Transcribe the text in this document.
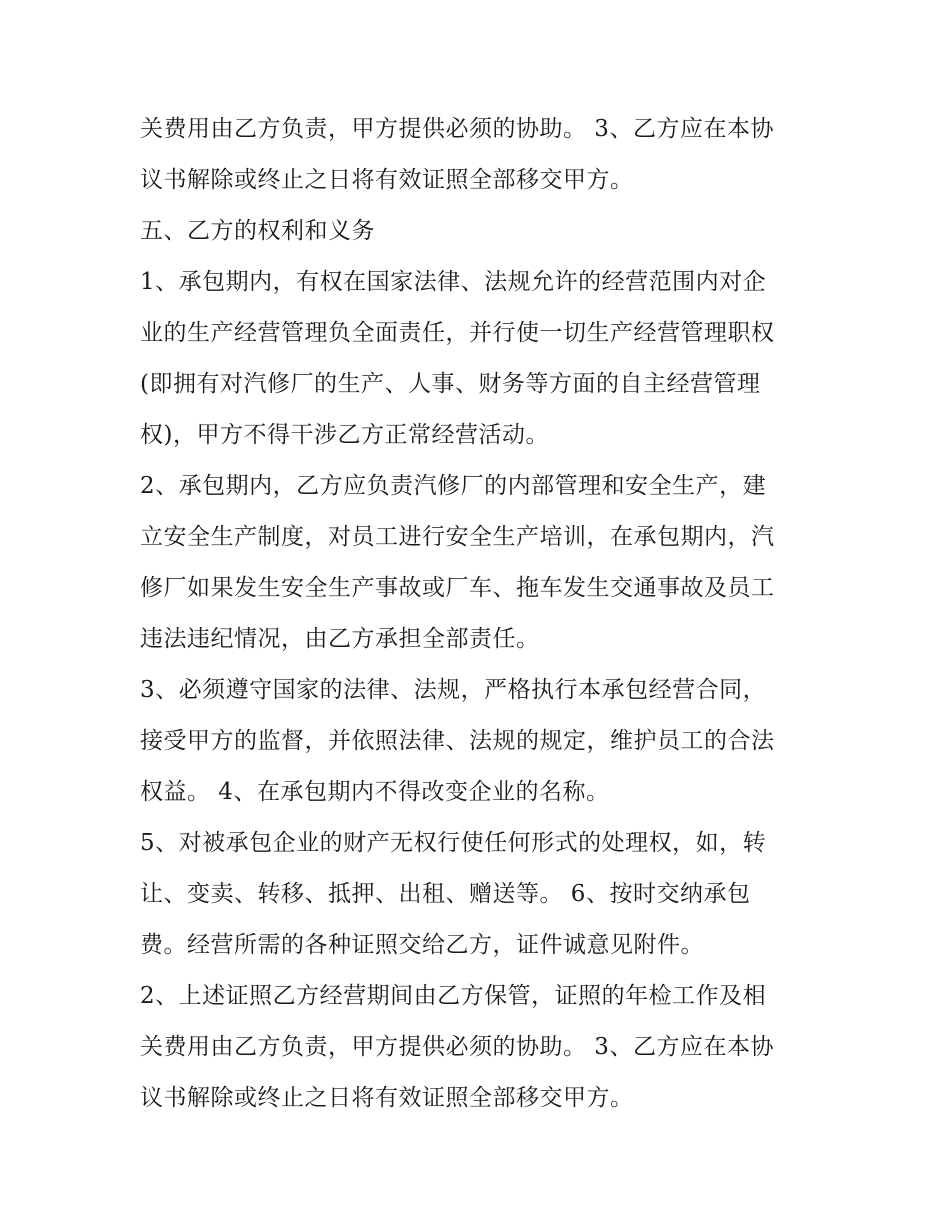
关费用由乙方负责，甲方提供必须的协助。 3、乙方应在本协
议书解除或终止之日将有效证照全部移交甲方。
五、乙方的权利和义务
1、承包期内，有权在国家法律、法规允许的经营范围内对企
业的生产经营管理负全面责任，并行使一切生产经营管理职权
(即拥有对汽修厂的生产、人事、财务等方面的自主经营管理
权)，甲方不得干涉乙方正常经营活动。
2、承包期内，乙方应负责汽修厂的内部管理和安全生产，建
立安全生产制度，对员工进行安全生产培训，在承包期内，汽
修厂如果发生安全生产事故或厂车、拖车发生交通事故及员工
违法违纪情况，由乙方承担全部责任。
3、必须遵守国家的法律、法规，严格执行本承包经营合同，
接受甲方的监督，并依照法律、法规的规定，维护员工的合法
权益。 4、在承包期内不得改变企业的名称。
5、对被承包企业的财产无权行使任何形式的处理权，如，转
让、变卖、转移、抵押、出租、赠送等。 6、按时交纳承包
费。经营所需的各种证照交给乙方，证件诚意见附件。
2、上述证照乙方经营期间由乙方保管，证照的年检工作及相
关费用由乙方负责，甲方提供必须的协助。 3、乙方应在本协
议书解除或终止之日将有效证照全部移交甲方。
